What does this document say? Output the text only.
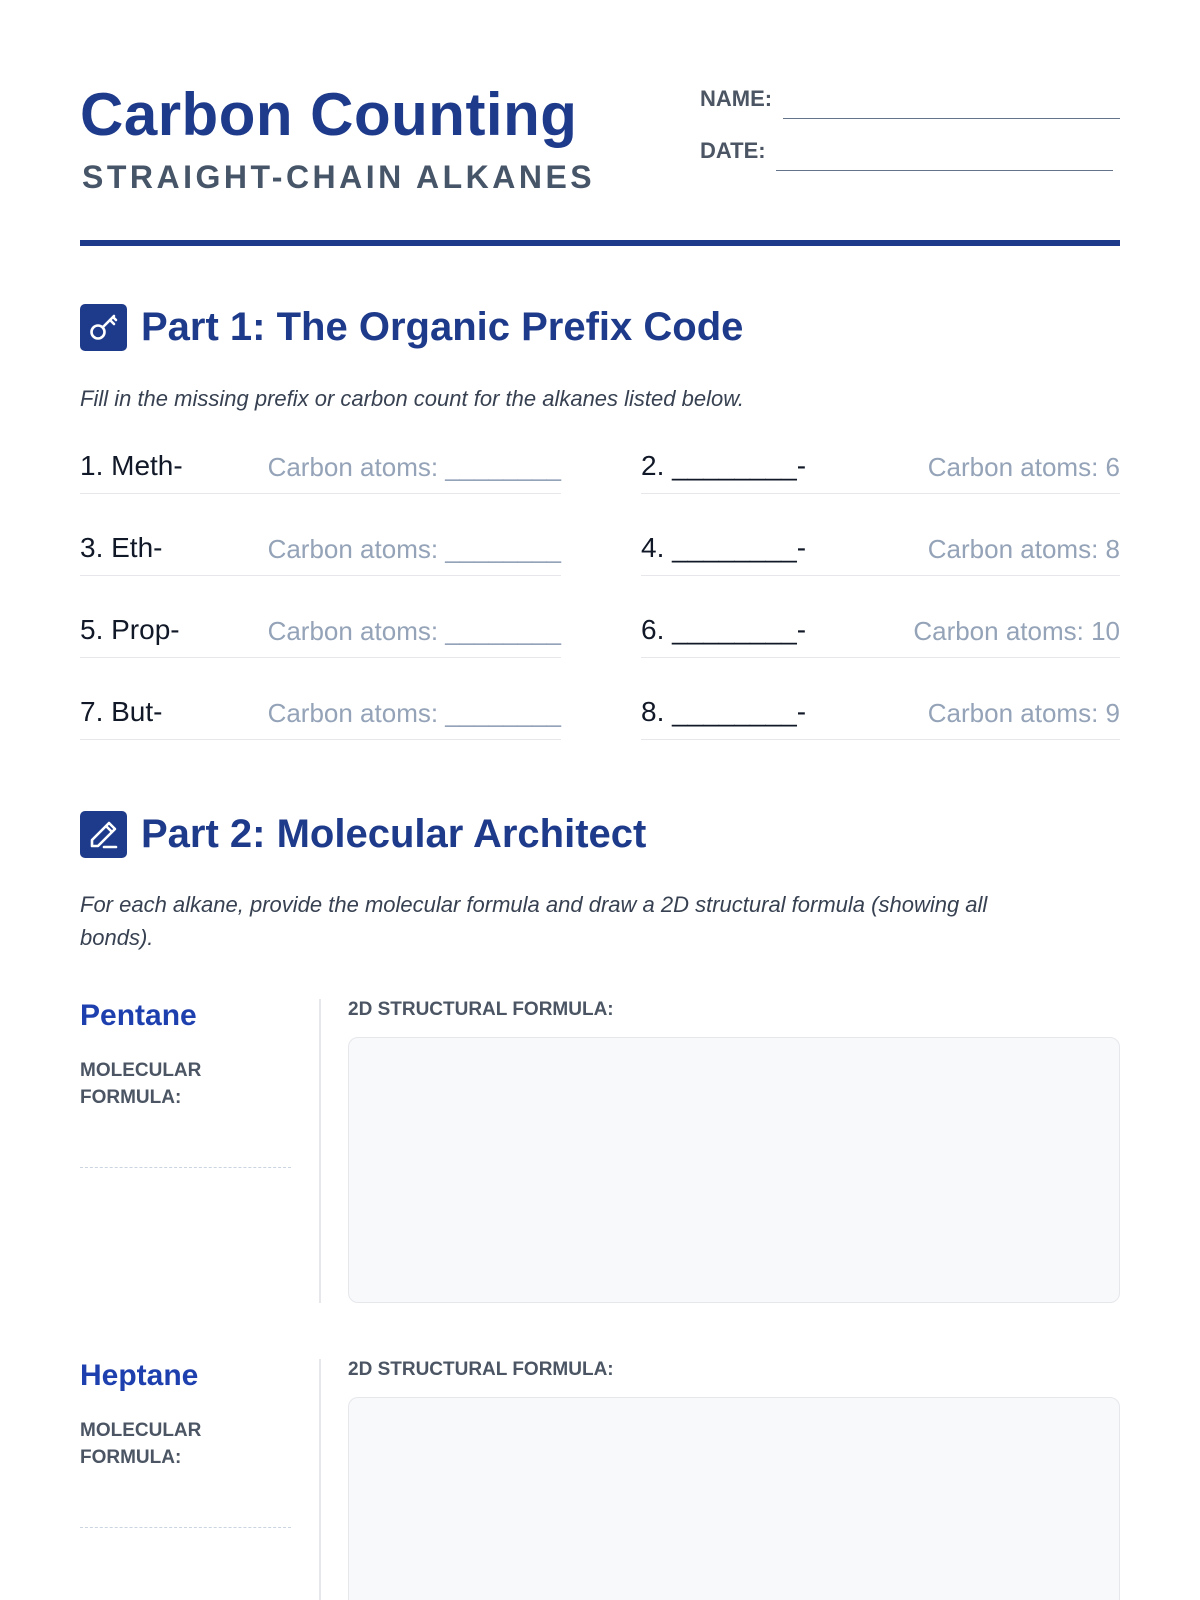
Carbon Counting
STRAIGHT-CHAIN ALKANES
NAME:
DATE:
Part 1: The Organic Prefix Code
Fill in the missing prefix or carbon count for the alkanes listed below.
1. Meth-	Carbon atoms: ________	2. ________-	Carbon atoms: 6
3. Eth-	Carbon atoms: ________	4. ________-	Carbon atoms: 8
5. Prop-	Carbon atoms: ________	6. ________-	Carbon atoms: 10
7. But-	Carbon atoms: ________	8. ________-	Carbon atoms: 9
Part 2: Molecular Architect
For each alkane, provide the molecular formula and draw a 2D structural formula (showing all bonds).
Pentane
MOLECULAR FORMULA:
2D STRUCTURAL FORMULA:
Heptane
MOLECULAR FORMULA:
2D STRUCTURAL FORMULA:
